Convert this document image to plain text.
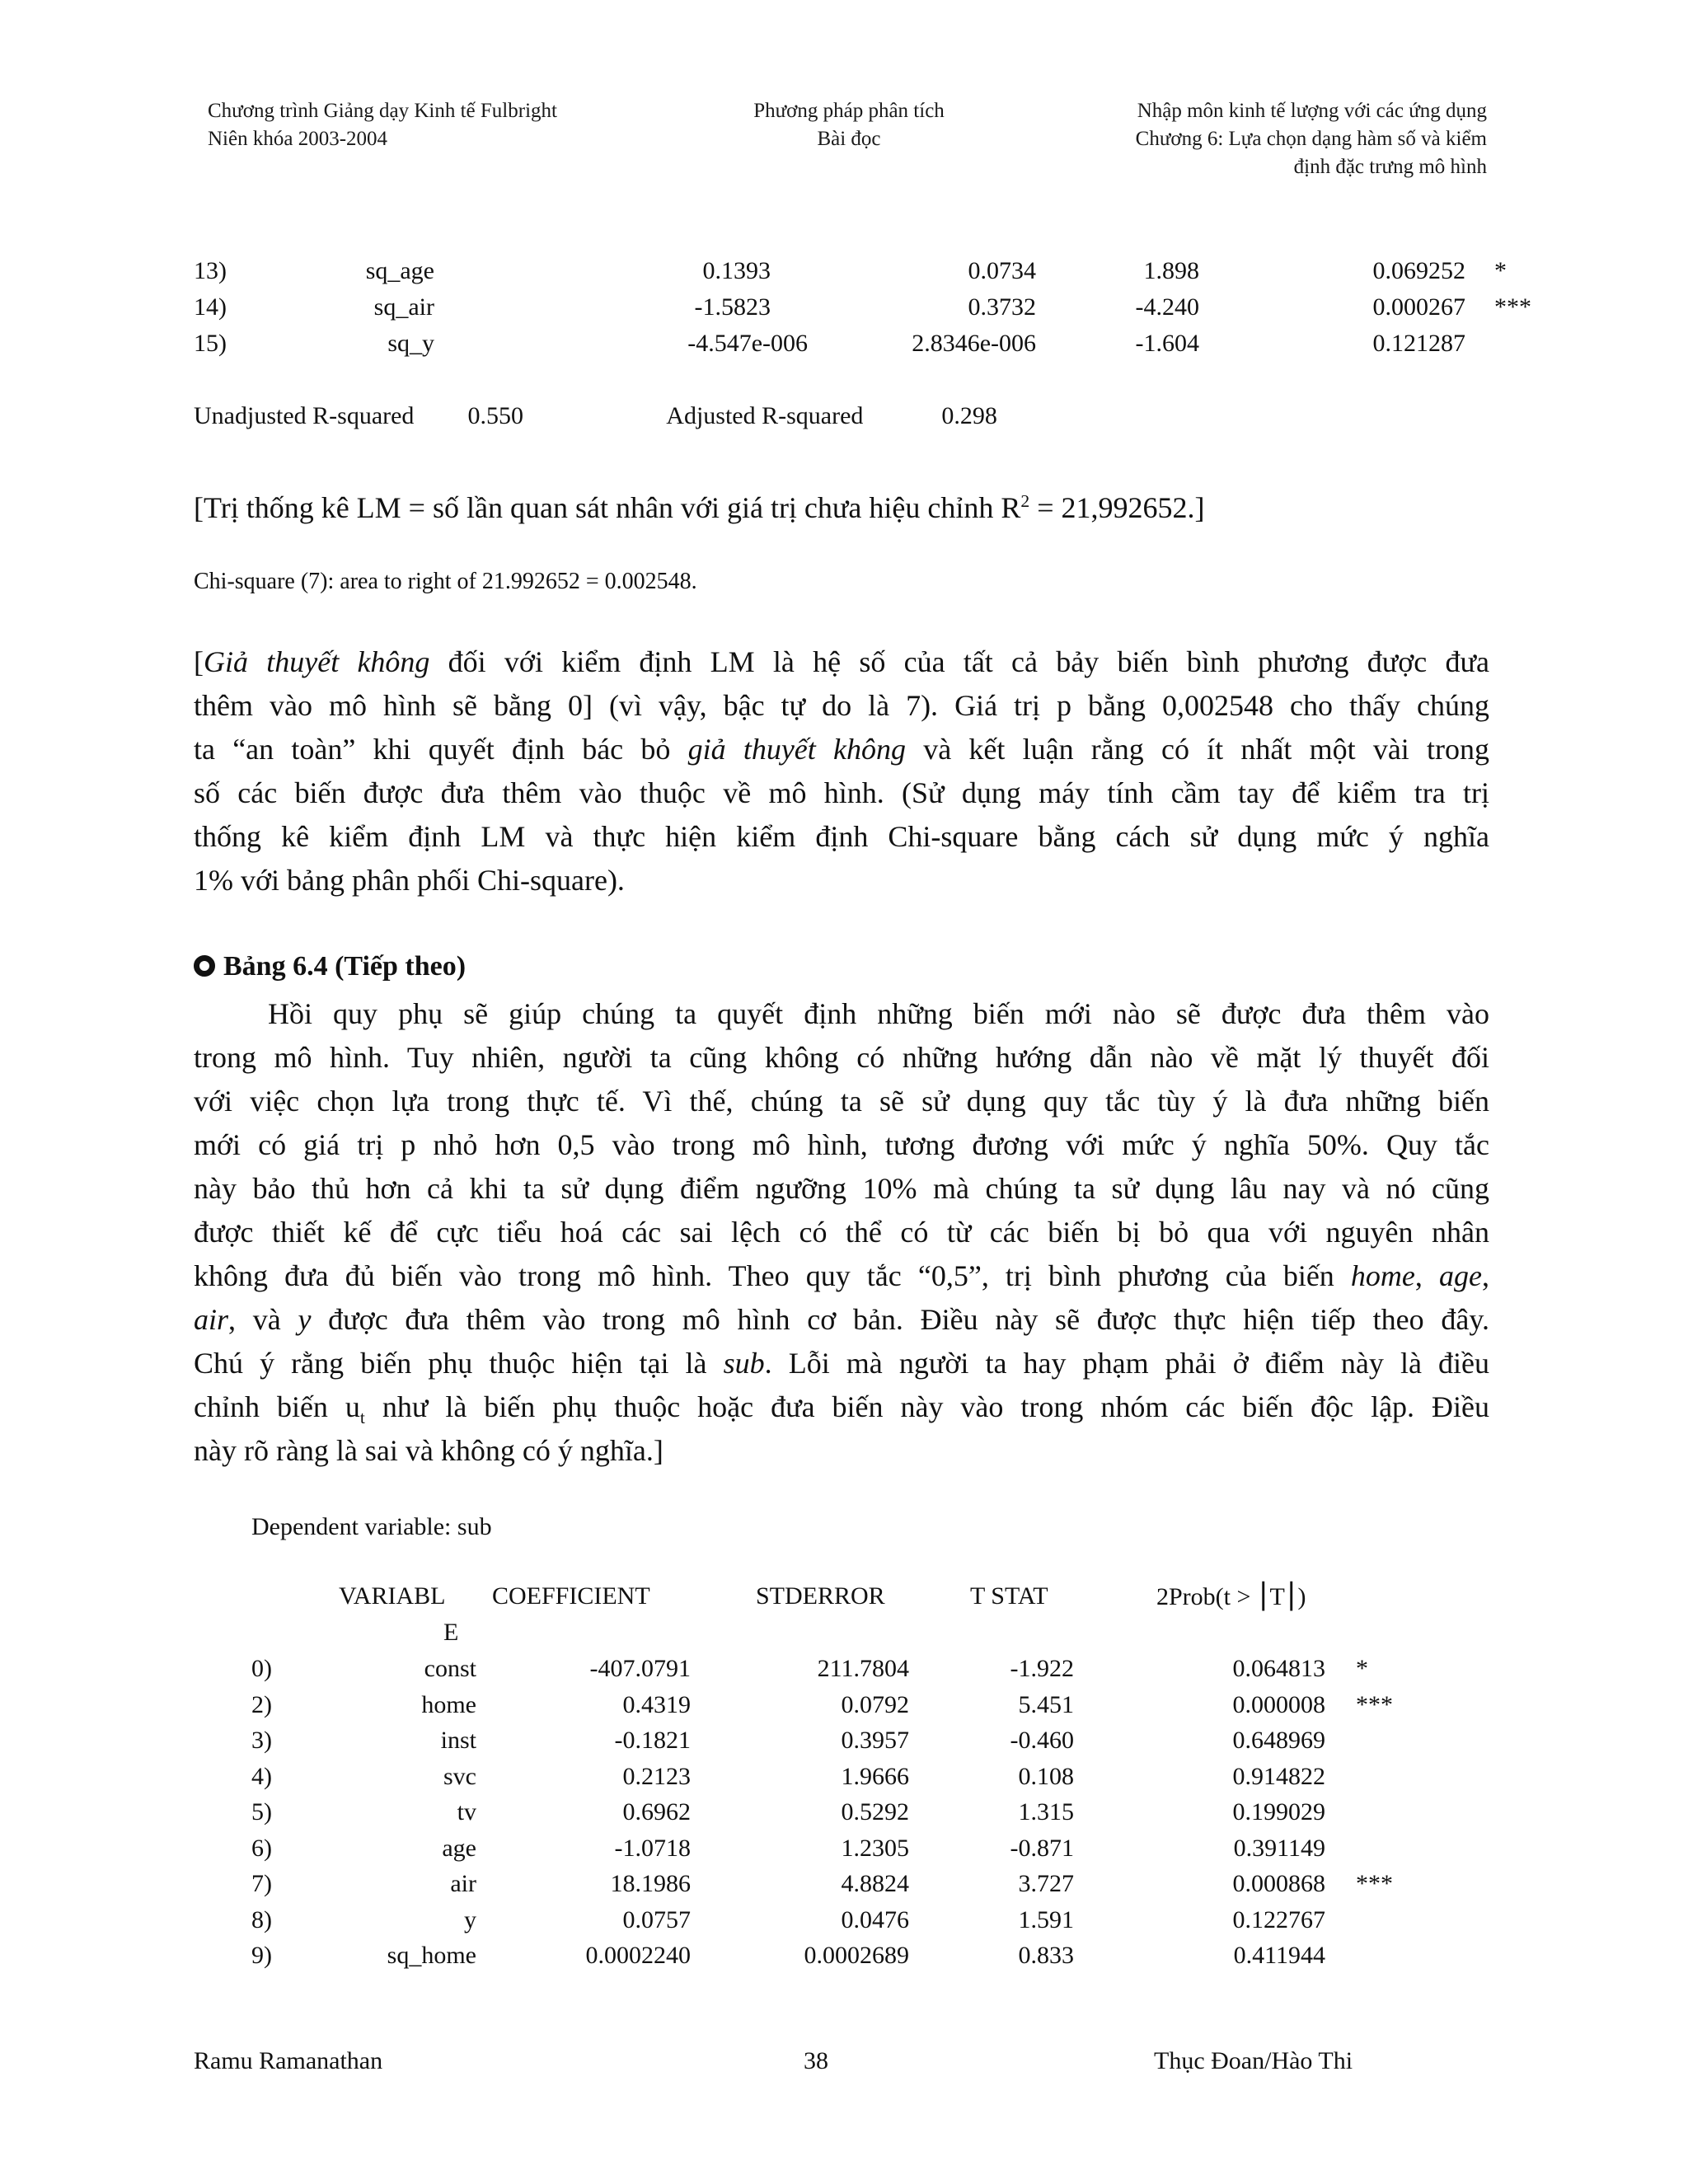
Chương trình Giảng dạy Kinh tế Fulbright
Niên khóa 2003-2004
Phương pháp phân tích
Bài đọc
Nhập môn kinh tế lượng với các ứng dụng
Chương 6: Lựa chọn dạng hàm số và kiểm
định đặc trưng mô hình
13)	sq_age	0.1393	0.0734	1.898	0.069252 *
14)	sq_air	-1.5823	0.3732	-4.240	0.000267 ***
15)	sq_y	-4.547e-006	2.8346e-006	-1.604	0.121287
Unadjusted R-squared 0.550	Adjusted R-squared	0.298
[Trị thống kê LM = số lần quan sát nhân với giá trị chưa hiệu chỉnh $R^2 = 21,992652$.]
Chi-square (7): area to right of 21.992652 = 0.002548.
[Giả thuyết không đối với kiểm định LM là hệ số của tất cả bảy biến bình phương được đưa
thêm vào mô hình sẽ bằng 0] (vì vậy, bậc tự do là 7). Giá trị p bằng 0,002548 cho thấy chúng
ta “an toàn” khi quyết định bác bỏ giả thuyết không và kết luận rằng có ít nhất một vài trong
số các biến được đưa thêm vào thuộc về mô hình. (Sử dụng máy tính cầm tay để kiểm tra trị
thống kê kiểm định LM và thực hiện kiểm định Chi-square bằng cách sử dụng mức ý nghĩa
1% với bảng phân phối Chi-square).
Bảng 6.4 (Tiếp theo)
Hồi quy phụ sẽ giúp chúng ta quyết định những biến mới nào sẽ được đưa thêm vào
trong mô hình. Tuy nhiên, người ta cũng không có những hướng dẫn nào về mặt lý thuyết đối
với việc chọn lựa trong thực tế. Vì thế, chúng ta sẽ sử dụng quy tắc tùy ý là đưa những biến
mới có giá trị p nhỏ hơn 0,5 vào trong mô hình, tương đương với mức ý nghĩa 50%. Quy tắc
này bảo thủ hơn cả khi ta sử dụng điểm ngưỡng 10% mà chúng ta sử dụng lâu nay và nó cũng
được thiết kế để cực tiểu hoá các sai lệch có thể có từ các biến bị bỏ qua với nguyên nhân
không đưa đủ biến vào trong mô hình. Theo quy tắc “0,5”, trị bình phương của biến home, age,
air, và y được đưa thêm vào trong mô hình cơ bản. Điều này sẽ được thực hiện tiếp theo đây.
Chú ý rằng biến phụ thuộc hiện tại là sub. Lỗi mà người ta hay phạm phải ở điểm này là điều
chỉnh biến $u_t$ như là biến phụ thuộc hoặc đưa biến này vào trong nhóm các biến độc lập. Điều
này rõ ràng là sai và không có ý nghĩa.]
Dependent variable: sub
VARIABL COEFFICIENT	STDERROR	T STAT	2Prob(t > ⎮T⎮)
E
0)	const	-407.0791	211.7804	-1.922	0.064813 *
2)	home	0.4319	0.0792	5.451	0.000008 ***
3)	inst	-0.1821	0.3957	-0.460	0.648969
4)	svc	0.2123	1.9666	0.108	0.914822
5)	tv	0.6962	0.5292	1.315	0.199029
6)	age	-1.0718	1.2305	-0.871	0.391149
7)	air	18.1986	4.8824	3.727	0.000868 ***
8)	y	0.0757	0.0476	1.591	0.122767
9)	sq_home	0.0002240	0.0002689	0.833	0.411944
Ramu Ramanathan	38	Thục Đoan/Hào Thi
